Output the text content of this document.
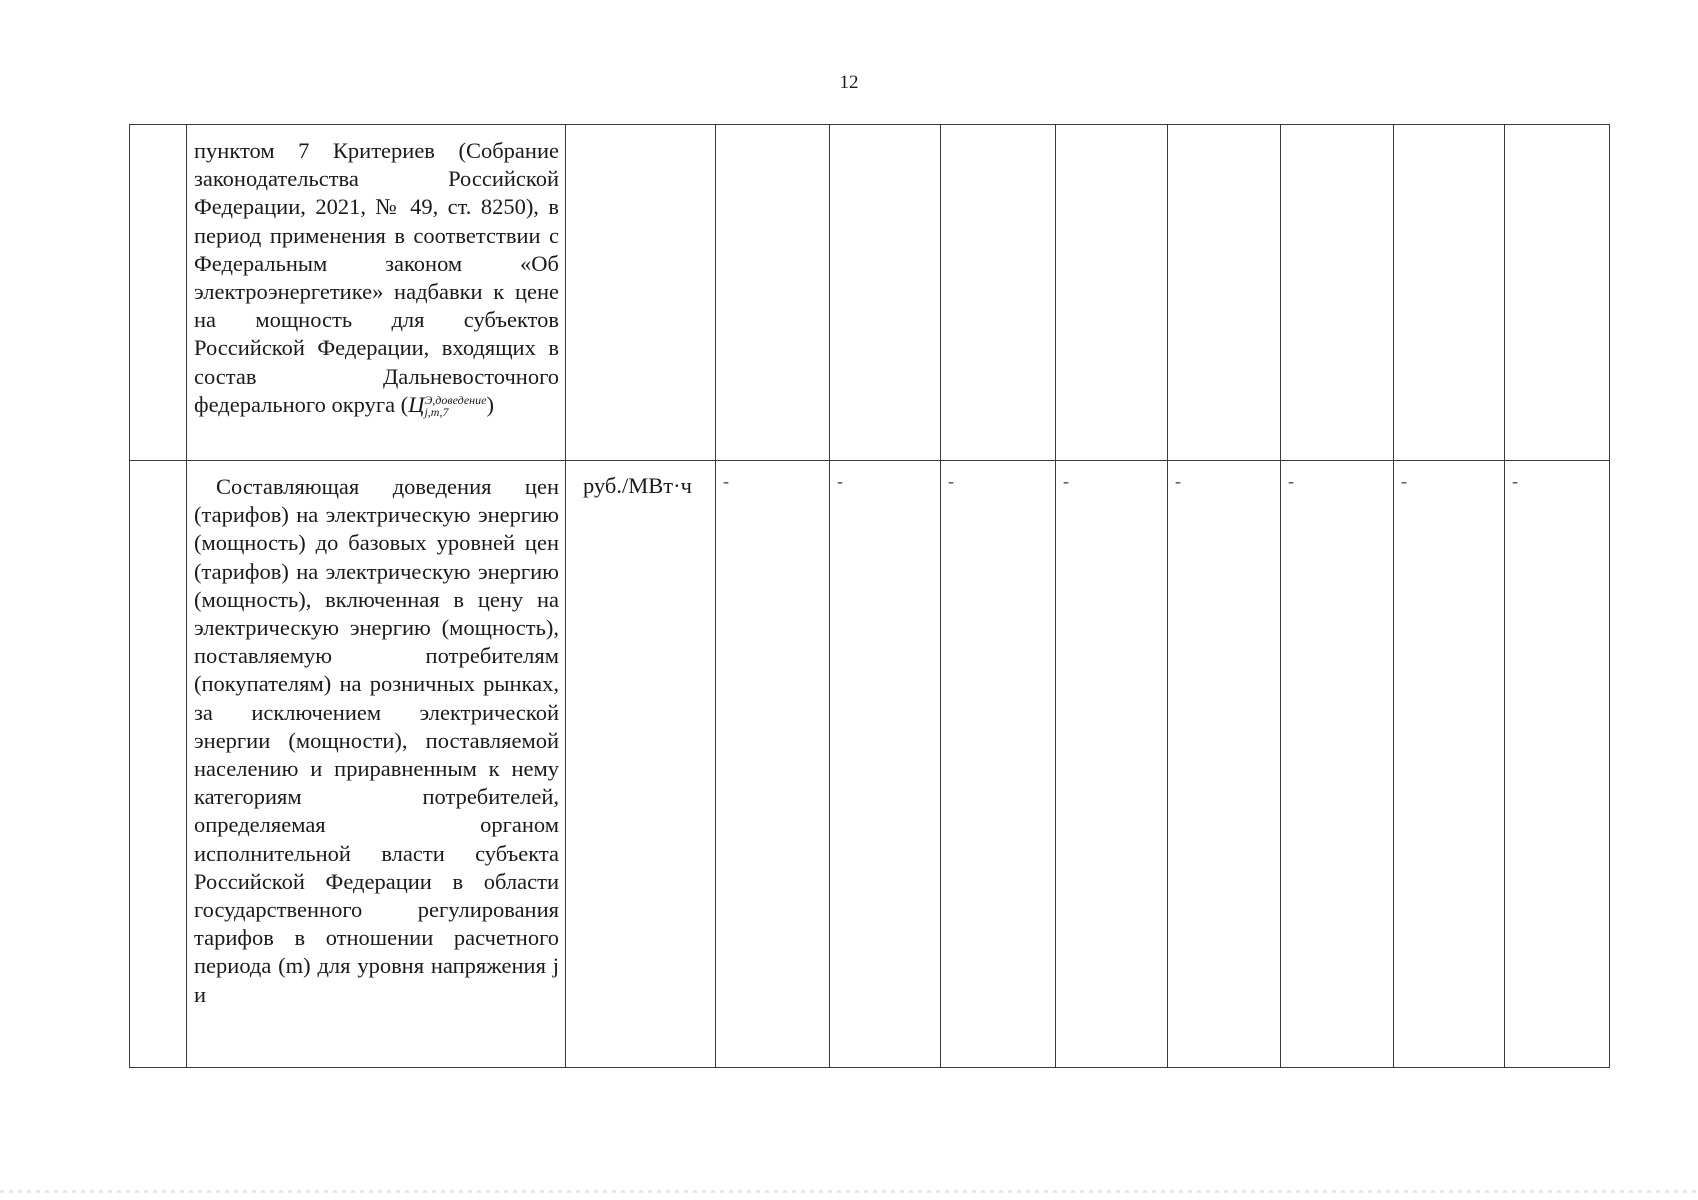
12

	пунктом 7 Критериев (Собрание законодательства Российской Федерации, 2021, № 49, ст. 8250), в период применения в соответствии с Федеральным законом «Об электроэнергетике» надбавки к цене на мощность для субъектов Российской Федерации, входящих в состав Дальневосточного федерального округа (Ц Э,доведение
j,m,7 )									

	Составляющая доведения цен (тарифов) на электрическую энергию (мощность) до базовых уровней цен (тарифов) на электрическую энергию (мощность), включенная в цену на электрическую энергию (мощность), поставляемую потребителям (покупателям) на розничных рынках, за исключением электрической энергии (мощности), поставляемой населению и приравненным к нему категориям потребителей, определяемая органом исполнительной власти субъекта Российской Федерации в области государственного регулирования тарифов в отношении расчетного периода (m) для уровня напряжения j и	руб./МВт·ч	-	-	-	-	-	-	-	-
